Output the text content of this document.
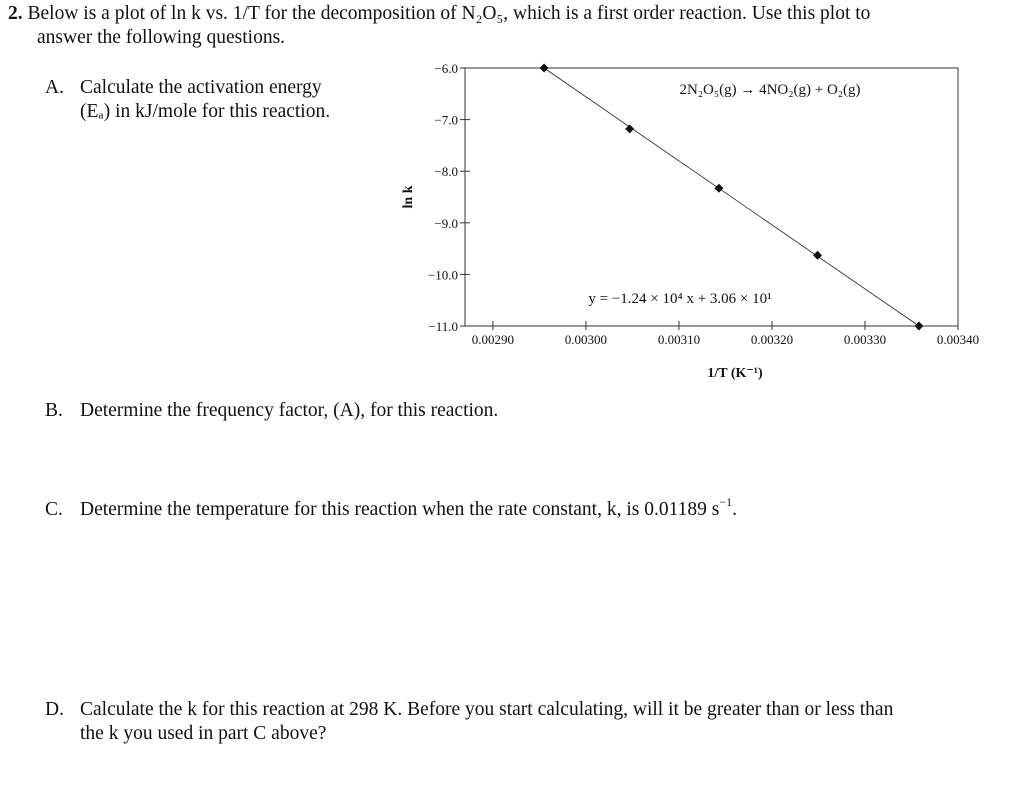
2. Below is a plot of ln k vs. 1/T for the decomposition of N₂O₅, which is a first order reaction. Use this plot to
answer the following questions.
A. Calculate the activation energy
(Eₐ) in kJ/mole for this reaction.
−6.0
−7.0
−8.0
−9.0
−10.0
−11.0
0.00290	0.00300	0.00310	0.00320	0.00330	0.00340
2N₂O₅(g) → 4NO₂(g) + O₂(g)
y = −1.24 × 10⁴ x + 3.06 × 10¹
1/T (K⁻¹)
ln k
B. Determine the frequency factor, (A), for this reaction.
C. Determine the temperature for this reaction when the rate constant, k, is 0.01189 $s^{-1}$.
D. Calculate the k for this reaction at 298 K. Before you start calculating, will it be greater than or less than
the k you used in part C above?
